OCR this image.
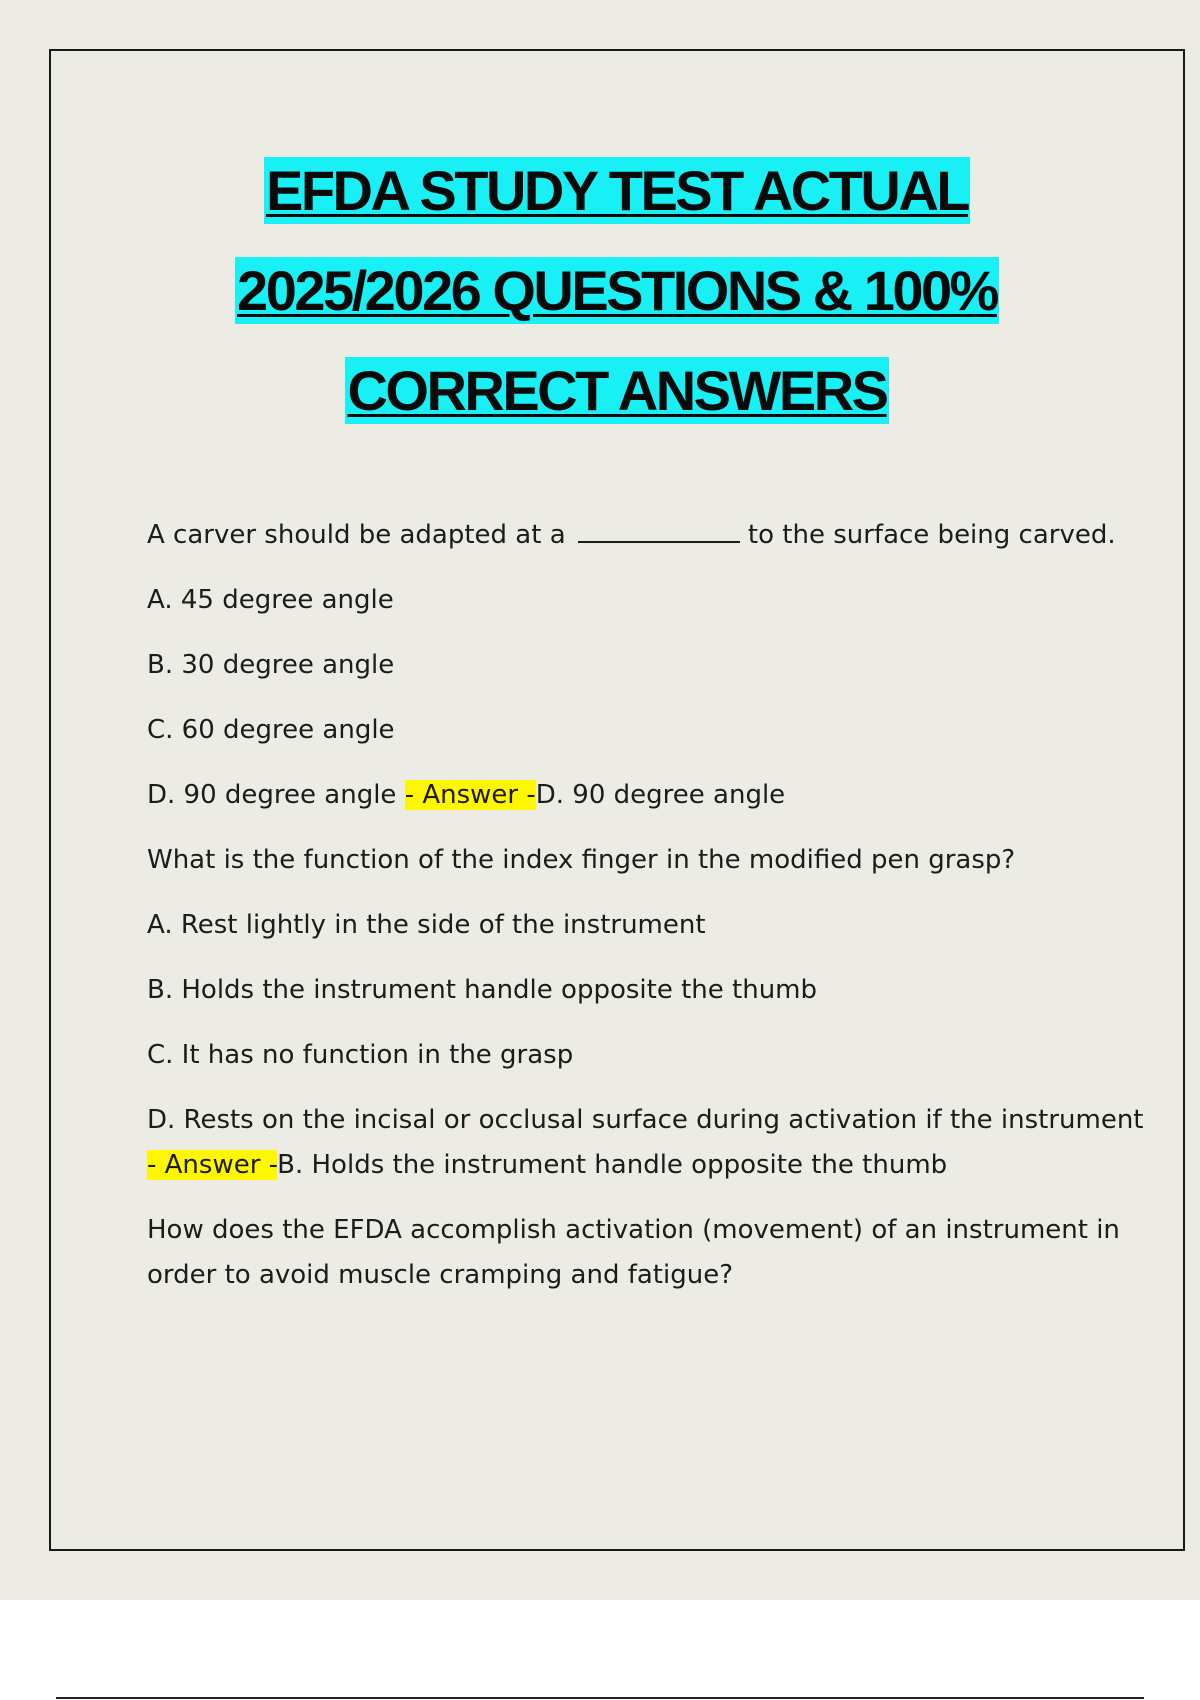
EFDA STUDY TEST ACTUAL
2025/2026 QUESTIONS & 100%
CORRECT ANSWERS

A carver should be adapted at a	to the surface being carved.

A. 45 degree angle

B. 30 degree angle

C. 60 degree angle

D. 90 degree angle - Answer -D. 90 degree angle

What is the function of the index finger in the modified pen grasp?

A. Rest lightly in the side of the instrument

B. Holds the instrument handle opposite the thumb

C. It has no function in the grasp

D. Rests on the incisal or occlusal surface during activation if the instrument - Answer -B. Holds the instrument handle opposite the thumb

How does the EFDA accomplish activation (movement) of an instrument in order to avoid muscle cramping and fatigue?
